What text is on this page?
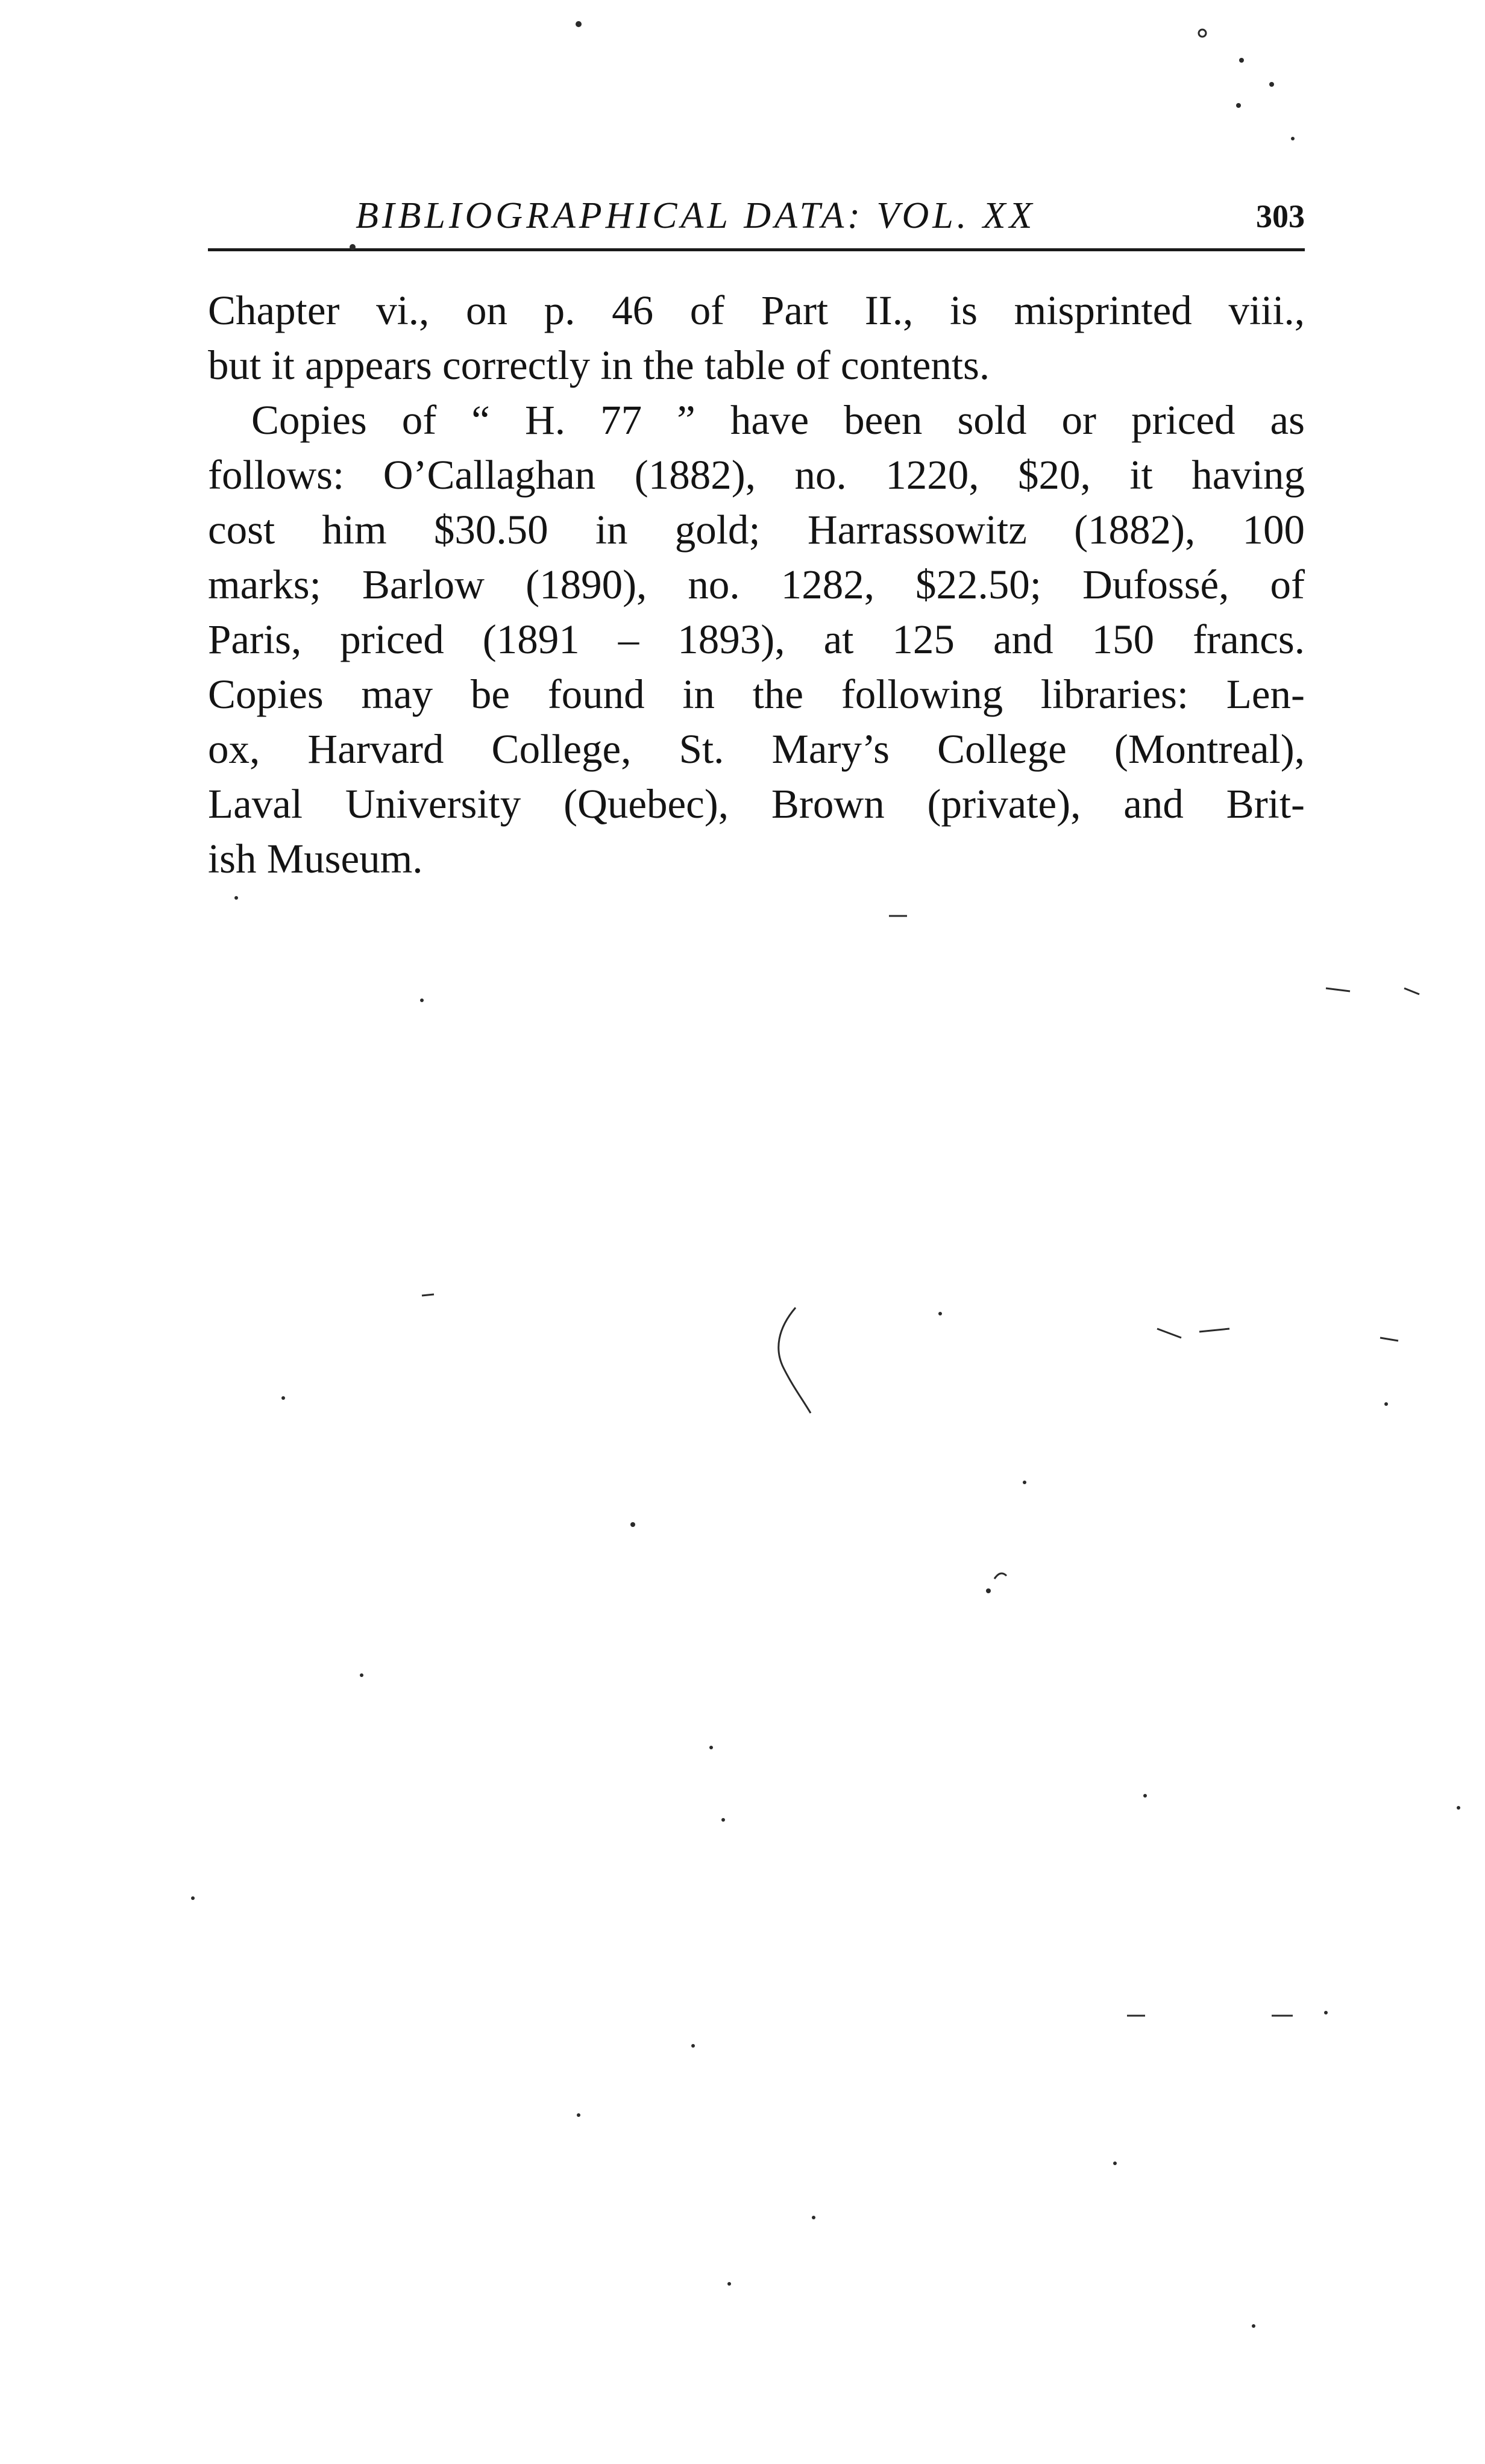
BIBLIOGRAPHICAL DATA: VOL. XX	303
Chapter vi., on p. 46 of Part II., is misprinted viii.,
but it appears correctly in the table of contents.
Copies of “ H. 77 ” have been sold or priced as
follows: O’Callaghan (1882), no. 1220, $20, it having
cost him $30.50 in gold; Harrassowitz (1882), 100
marks; Barlow (1890), no. 1282, $22.50; Dufossé, of
Paris, priced (1891 – 1893), at 125 and 150 francs.
Copies may be found in the following libraries: Len-
ox, Harvard College, St. Mary’s College (Montreal),
Laval University (Quebec), Brown (private), and Brit-
ish Museum.
